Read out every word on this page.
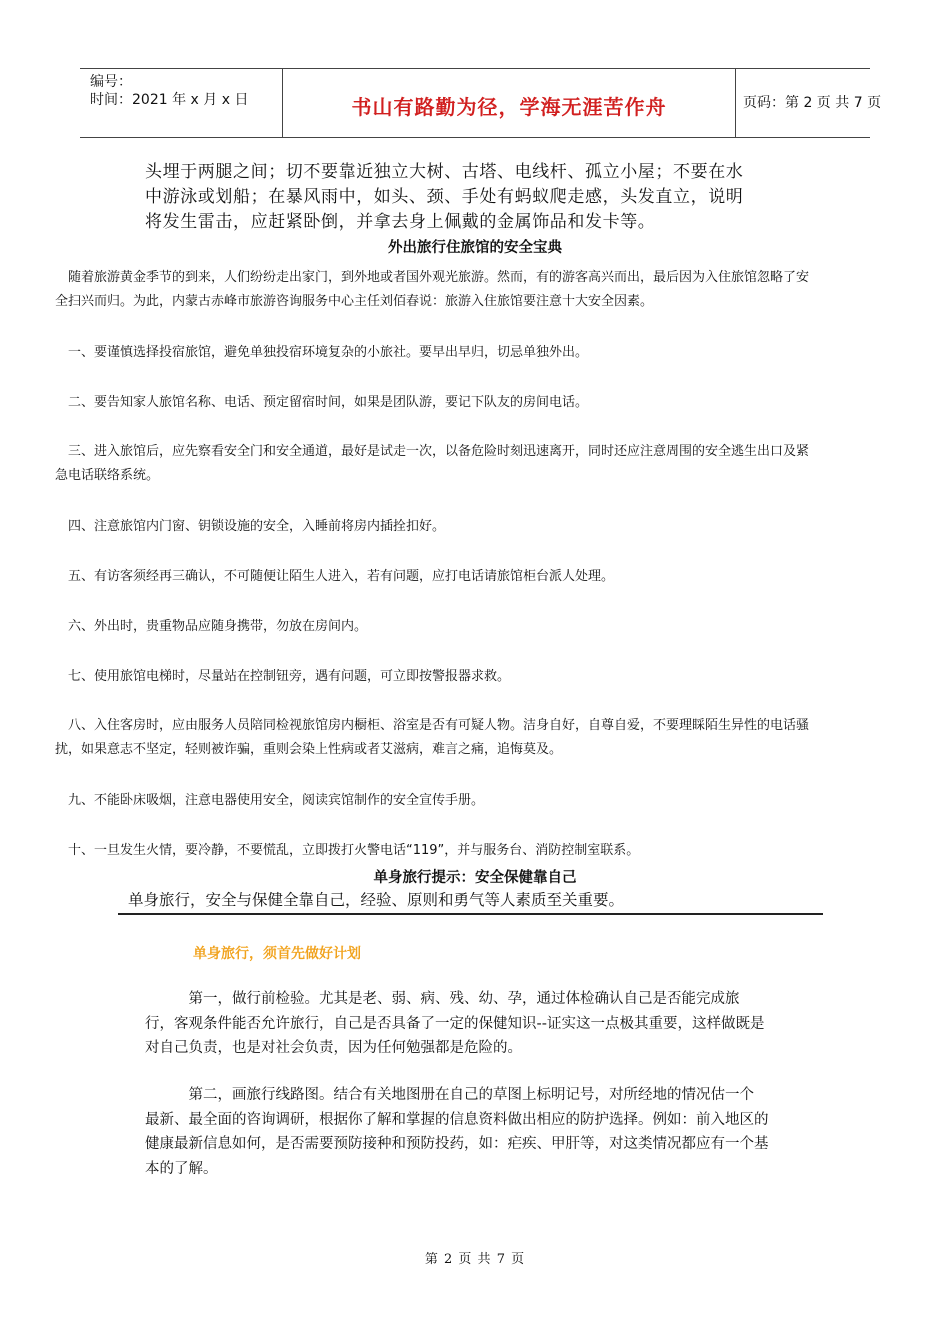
编号：
时间：2021 年 x 月 x 日	书山有路勤为径，学海无涯苦作舟	页码：第 2 页 共 7 页
头埋于两腿之间；切不要靠近独立大树、古塔、电线杆、孤立小屋；不要在水
中游泳或划船；在暴风雨中，如头、颈、手处有蚂蚁爬走感，头发直立，说明
将发生雷击，应赶紧卧倒，并拿去身上佩戴的金属饰品和发卡等。
外出旅行住旅馆的安全宝典
　随着旅游黄金季节的到来，人们纷纷走出家门，到外地或者国外观光旅游。然而，有的游客高兴而出，最后因为入住旅馆忽略了安
全扫兴而归。为此，内蒙古赤峰市旅游咨询服务中心主任刘佰春说：旅游入住旅馆要注意十大安全因素。
　一、要谨慎选择投宿旅馆，避免单独投宿环境复杂的小旅社。要早出早归，切忌单独外出。
　二、要告知家人旅馆名称、电话、预定留宿时间，如果是团队游，要记下队友的房间电话。
　三、进入旅馆后，应先察看安全门和安全通道，最好是试走一次，以备危险时刻迅速离开，同时还应注意周围的安全逃生出口及紧
急电话联络系统。
　四、注意旅馆内门窗、钥锁设施的安全，入睡前将房内插拴扣好。
　五、有访客须经再三确认，不可随便让陌生人进入，若有问题，应打电话请旅馆柜台派人处理。
　六、外出时，贵重物品应随身携带，勿放在房间内。
　七、使用旅馆电梯时，尽量站在控制钮旁，遇有问题，可立即按警报器求救。
　八、入住客房时，应由服务人员陪同检视旅馆房内橱柜、浴室是否有可疑人物。洁身自好，自尊自爱，不要理睬陌生异性的电话骚
扰，如果意志不坚定，轻则被诈骗，重则会染上性病或者艾滋病，难言之痛，追悔莫及。
　九、不能卧床吸烟，注意电器使用安全，阅读宾馆制作的安全宣传手册。
　十、一旦发生火情，要冷静，不要慌乱，立即拨打火警电话“119”，并与服务台、消防控制室联系。
单身旅行提示：安全保健靠自己
单身旅行，安全与保健全靠自己，经验、原则和勇气等人素质至关重要。
单身旅行，须首先做好计划
　　　第一，做行前检验。尤其是老、弱、病、残、幼、孕，通过体检确认自己是否能完成旅
行，客观条件能否允许旅行，自己是否具备了一定的保健知识--证实这一点极其重要，这样做既是
对自己负责，也是对社会负责，因为任何勉强都是危险的。
　　　第二，画旅行线路图。结合有关地图册在自己的草图上标明记号，对所经地的情况估一个
最新、最全面的咨询调研，根据你了解和掌握的信息资料做出相应的防护选择。例如：前入地区的
健康最新信息如何，是否需要预防接种和预防投药，如：疟疾、甲肝等，对这类情况都应有一个基
本的了解。
第 2 页 共 7 页
